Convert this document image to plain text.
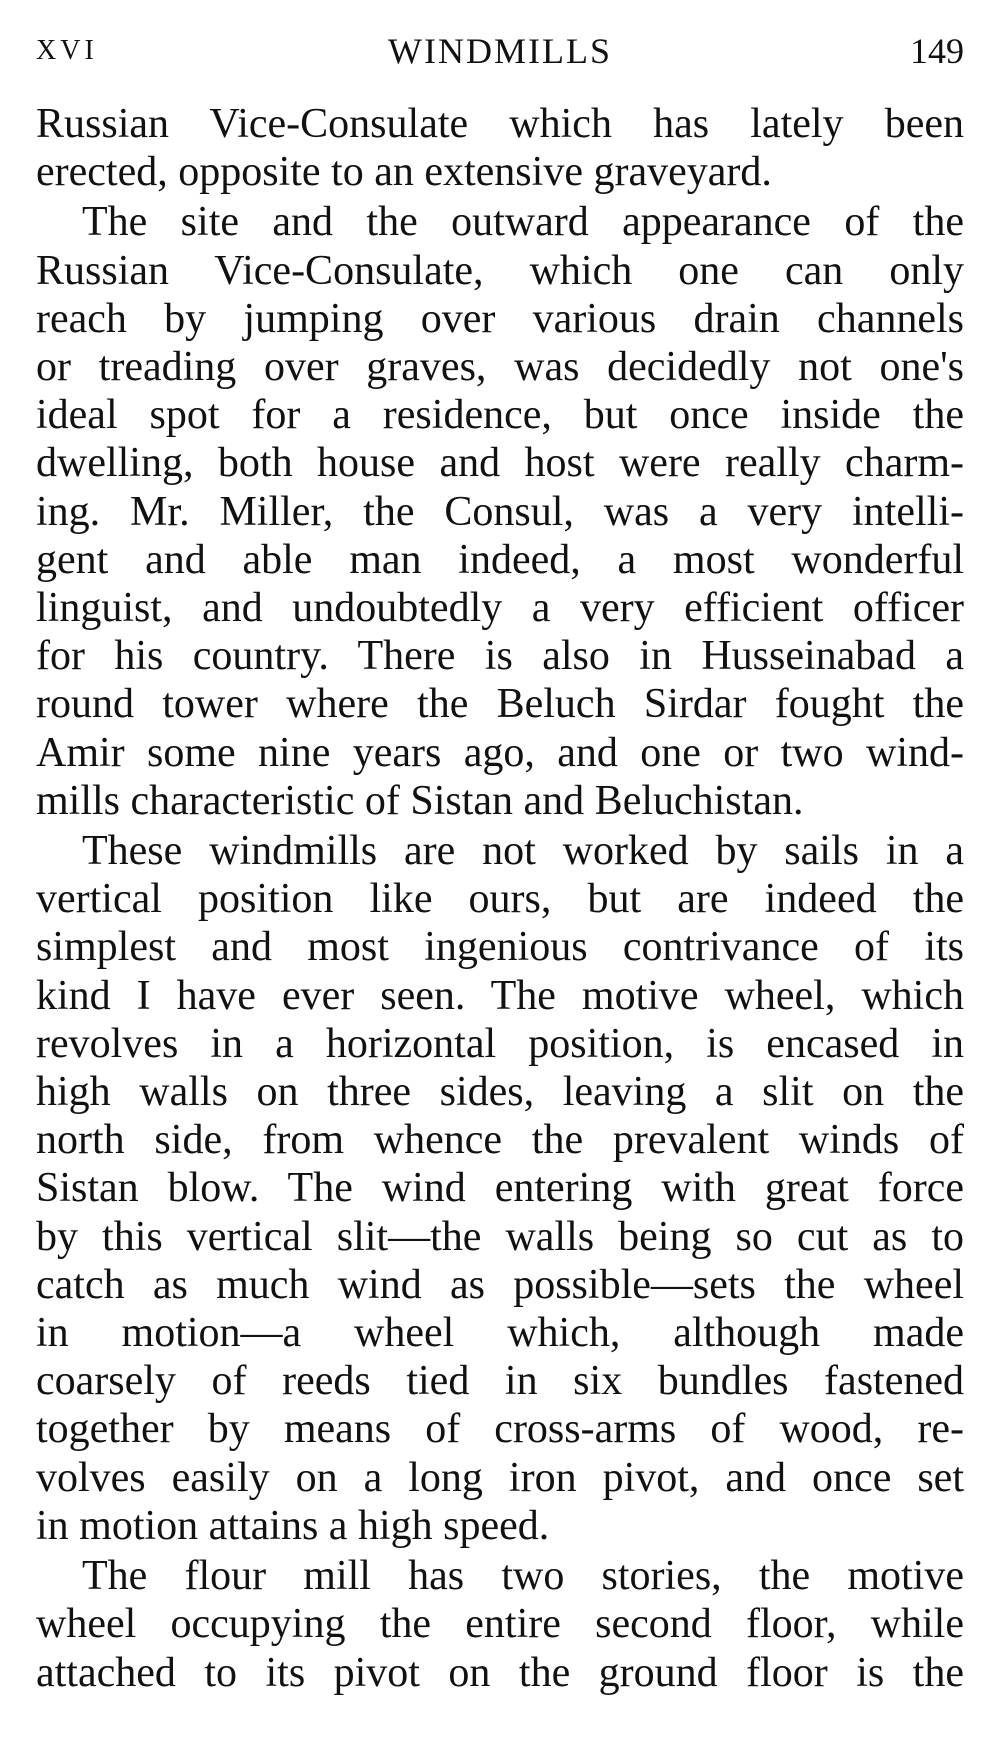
XVI	WINDMILLS	149
Russian Vice-Consulate which has lately been
erected, opposite to an extensive graveyard.
The site and the outward appearance of the
Russian Vice-Consulate, which one can only
reach by jumping over various drain channels
or treading over graves, was decidedly not one's
ideal spot for a residence, but once inside the
dwelling, both house and host were really charm-
ing. Mr. Miller, the Consul, was a very intelli-
gent and able man indeed, a most wonderful
linguist, and undoubtedly a very efficient officer
for his country. There is also in Husseinabad a
round tower where the Beluch Sirdar fought the
Amir some nine years ago, and one or two wind-
mills characteristic of Sistan and Beluchistan.
These windmills are not worked by sails in a
vertical position like ours, but are indeed the
simplest and most ingenious contrivance of its
kind I have ever seen. The motive wheel, which
revolves in a horizontal position, is encased in
high walls on three sides, leaving a slit on the
north side, from whence the prevalent winds of
Sistan blow. The wind entering with great force
by this vertical slit—the walls being so cut as to
catch as much wind as possible—sets the wheel
in motion—a wheel which, although made
coarsely of reeds tied in six bundles fastened
together by means of cross-arms of wood, re-
volves easily on a long iron pivot, and once set
in motion attains a high speed.
The flour mill has two stories, the motive
wheel occupying the entire second floor, while
attached to its pivot on the ground floor is the
